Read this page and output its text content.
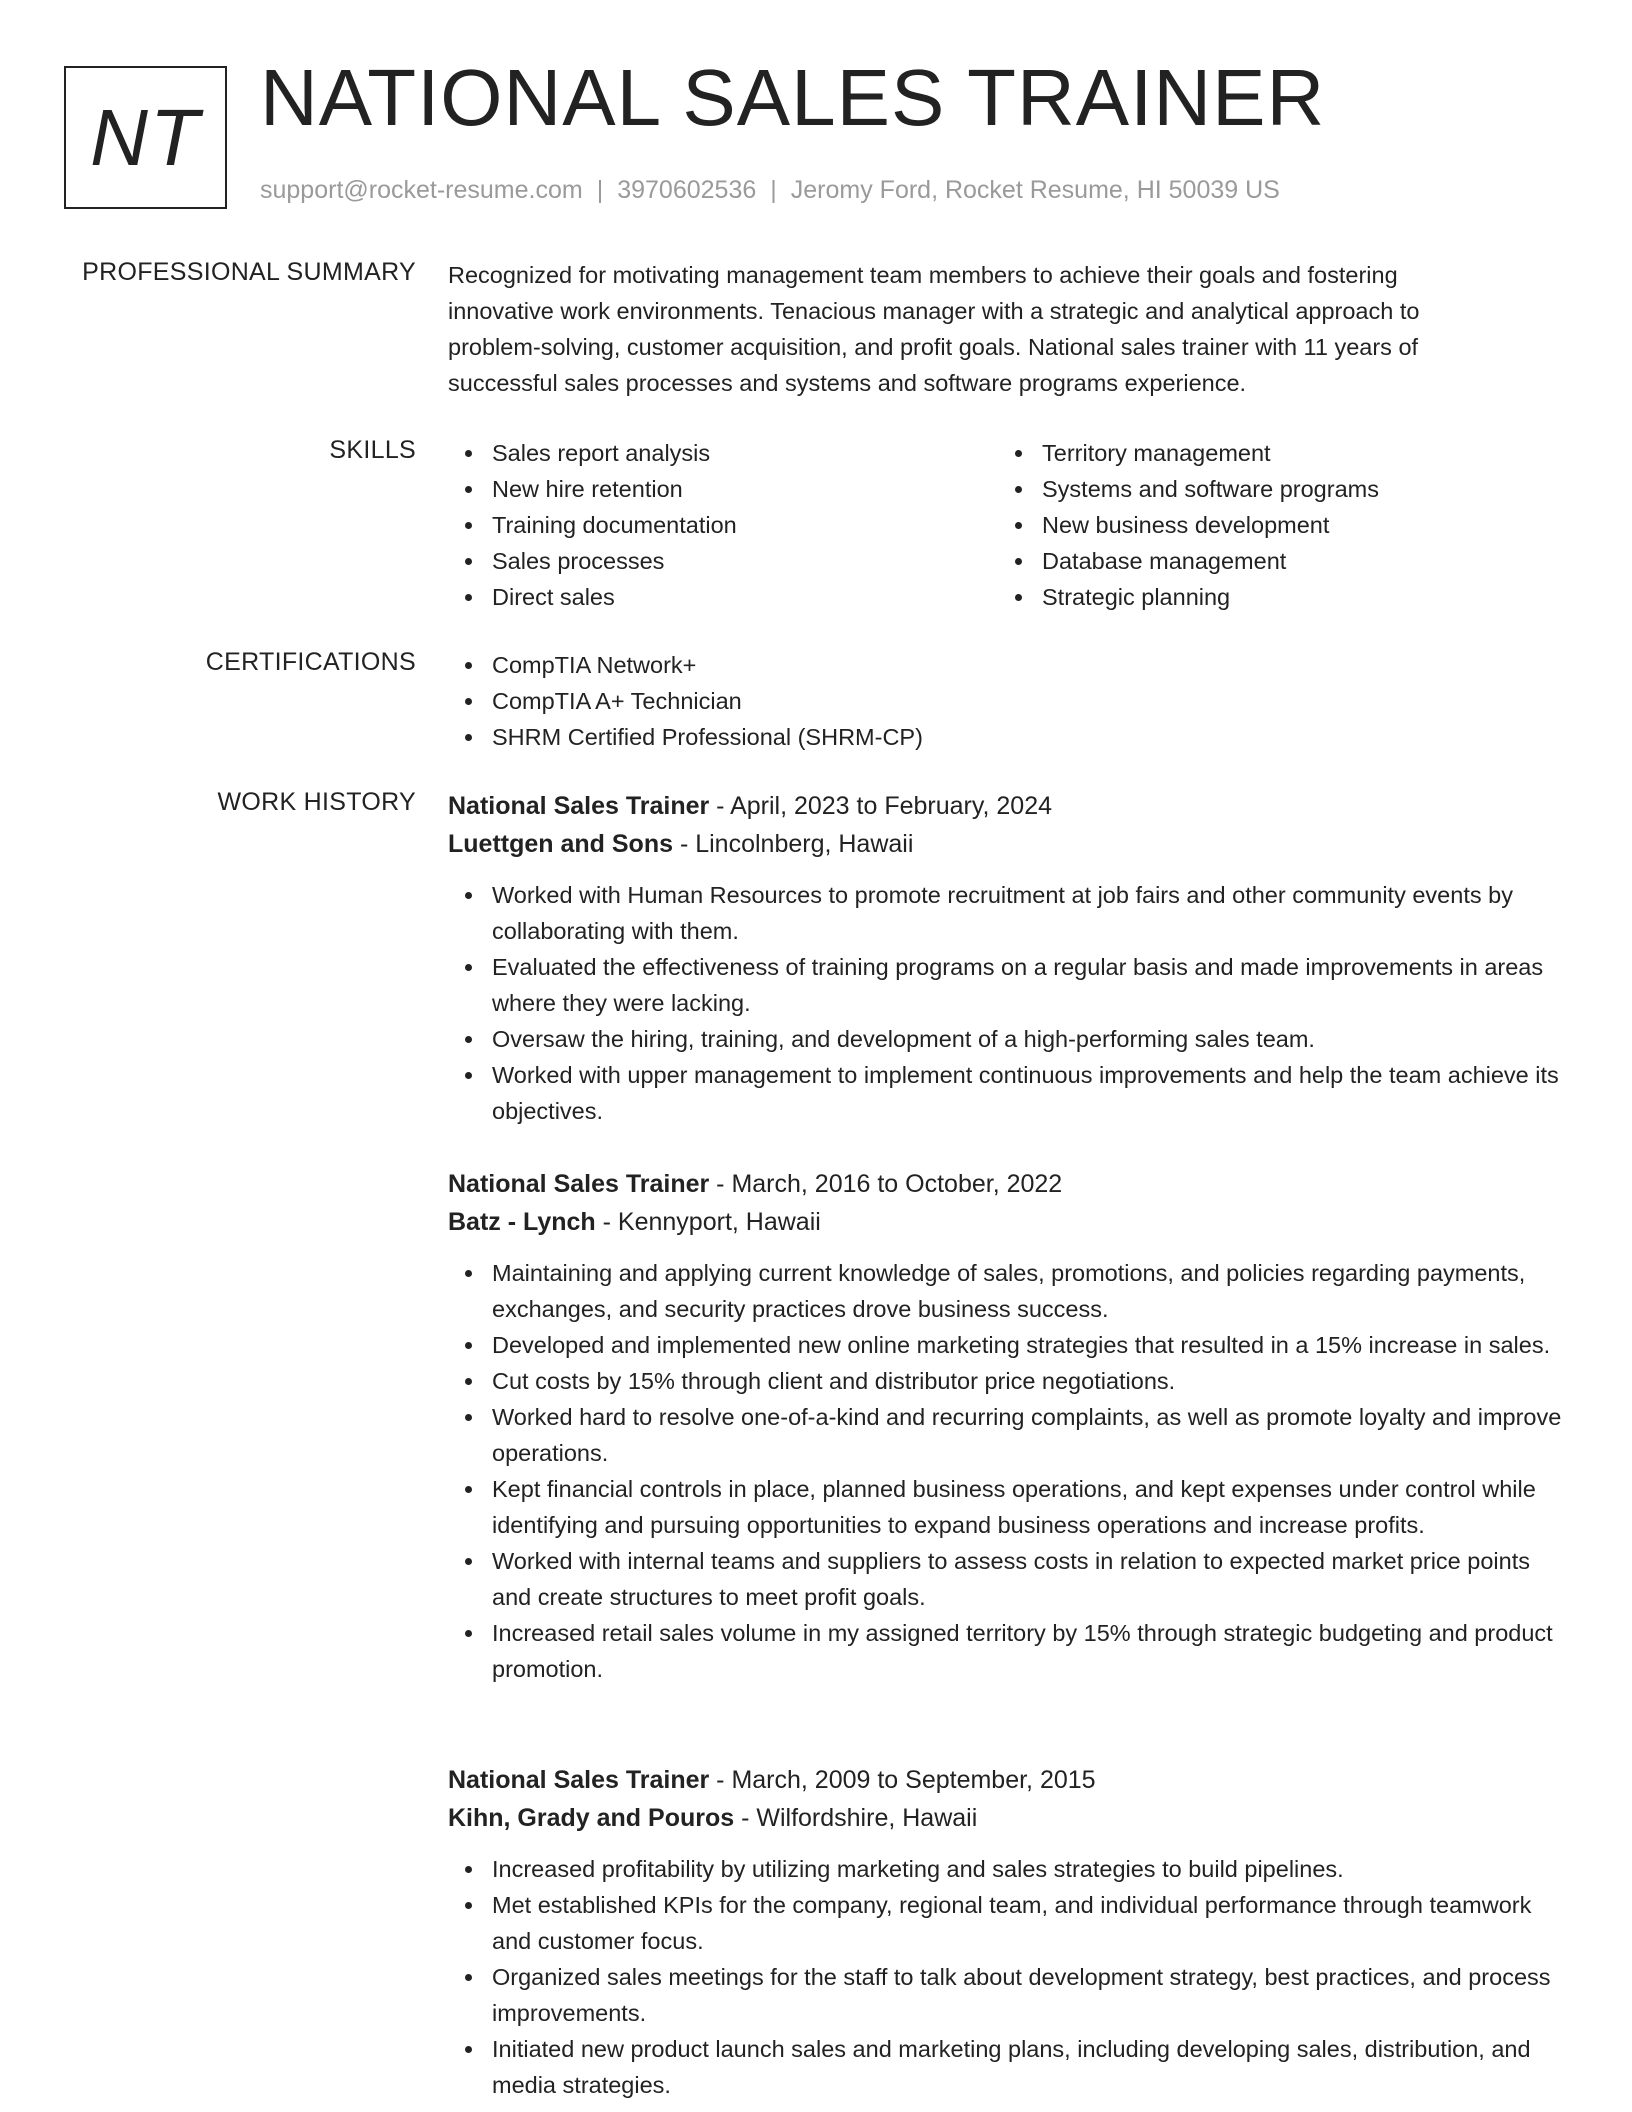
NT NATIONAL SALES TRAINER
support@rocket-resume.com | 3970602536 | Jeromy Ford, Rocket Resume, HI 50039 US
PROFESSIONAL SUMMARY Recognized for motivating management team members to achieve their goals and fostering innovative work environments. Tenacious manager with a strategic and analytical approach to problem-solving, customer acquisition, and profit goals. National sales trainer with 11 years of successful sales processes and systems and software programs experience.
SKILLS	Sales report analysis
New hire retention
Training documentation
Sales processes
Direct sales
Territory management
Systems and software programs
New business development
Database management
Strategic planning
CERTIFICATIONS	CompTIA Network+
CompTIA A+ Technician
SHRM Certified Professional (SHRM-CP)
WORK HISTORY National Sales Trainer - April, 2023 to February, 2024
Luettgen and Sons - Lincolnberg, Hawaii
Worked with Human Resources to promote recruitment at job fairs and other community events by collaborating with them.
Evaluated the effectiveness of training programs on a regular basis and made improvements in areas where they were lacking.
Oversaw the hiring, training, and development of a high-performing sales team.
Worked with upper management to implement continuous improvements and help the team achieve its objectives.
National Sales Trainer - March, 2016 to October, 2022
Batz - Lynch - Kennyport, Hawaii
Maintaining and applying current knowledge of sales, promotions, and policies regarding payments, exchanges, and security practices drove business success.
Developed and implemented new online marketing strategies that resulted in a 15% increase in sales.
Cut costs by 15% through client and distributor price negotiations.
Worked hard to resolve one-of-a-kind and recurring complaints, as well as promote loyalty and improve operations.
Kept financial controls in place, planned business operations, and kept expenses under control while identifying and pursuing opportunities to expand business operations and increase profits.
Worked with internal teams and suppliers to assess costs in relation to expected market price points and create structures to meet profit goals.
Increased retail sales volume in my assigned territory by 15% through strategic budgeting and product promotion.
National Sales Trainer - March, 2009 to September, 2015
Kihn, Grady and Pouros - Wilfordshire, Hawaii
Increased profitability by utilizing marketing and sales strategies to build pipelines.
Met established KPIs for the company, regional team, and individual performance through teamwork and customer focus.
Organized sales meetings for the staff to talk about development strategy, best practices, and process improvements.
Initiated new product launch sales and marketing plans, including developing sales, distribution, and media strategies.
